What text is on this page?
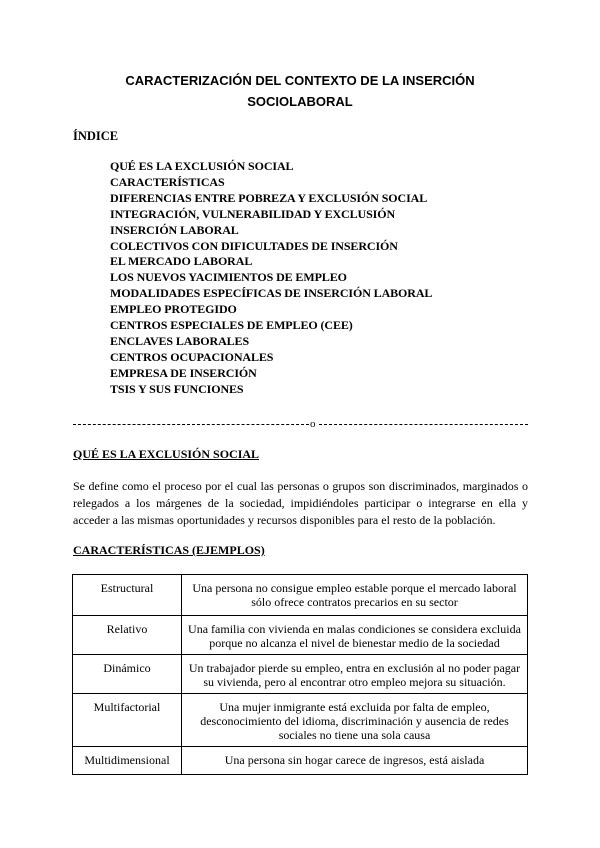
CARACTERIZACIÓN DEL CONTEXTO DE LA INSERCIÓN
SOCIOLABORAL
ÍNDICE
QUÉ ES LA EXCLUSIÓN SOCIAL
CARACTERÍSTICAS
DIFERENCIAS ENTRE POBREZA Y EXCLUSIÓN SOCIAL
INTEGRACIÓN, VULNERABILIDAD Y EXCLUSIÓN
INSERCIÓN LABORAL
COLECTIVOS CON DIFICULTADES DE INSERCIÓN
EL MERCADO LABORAL
LOS NUEVOS YACIMIENTOS DE EMPLEO
MODALIDADES ESPECÍFICAS DE INSERCIÓN LABORAL
EMPLEO PROTEGIDO
CENTROS ESPECIALES DE EMPLEO (CEE)
ENCLAVES LABORALES
CENTROS OCUPACIONALES
EMPRESA DE INSERCIÓN
TSIS Y SUS FUNCIONES
o
QUÉ ES LA EXCLUSIÓN SOCIAL

Se define como el proceso por el cual las personas o grupos son discriminados, marginados o relegados a los márgenes de la sociedad, impidiéndoles participar o integrarse en ella y acceder a las mismas oportunidades y recursos disponibles para el resto de la población.

CARACTERÍSTICAS (EJEMPLOS)
Estructural	Una persona no consigue empleo estable porque el mercado laboral sólo ofrece contratos precarios en su sector
Relativo	Una familia con vivienda en malas condiciones se considera excluida porque no alcanza el nivel de bienestar medio de la sociedad
Dinámico	Un trabajador pierde su empleo, entra en exclusión al no poder pagar su vivienda, pero al encontrar otro empleo mejora su situación.
Multifactorial	Una mujer inmigrante está excluida por falta de empleo, desconocimiento del idioma, discriminación y ausencia de redes sociales no tiene una sola causa
Multidimensional	Una persona sin hogar carece de ingresos, está aislada
